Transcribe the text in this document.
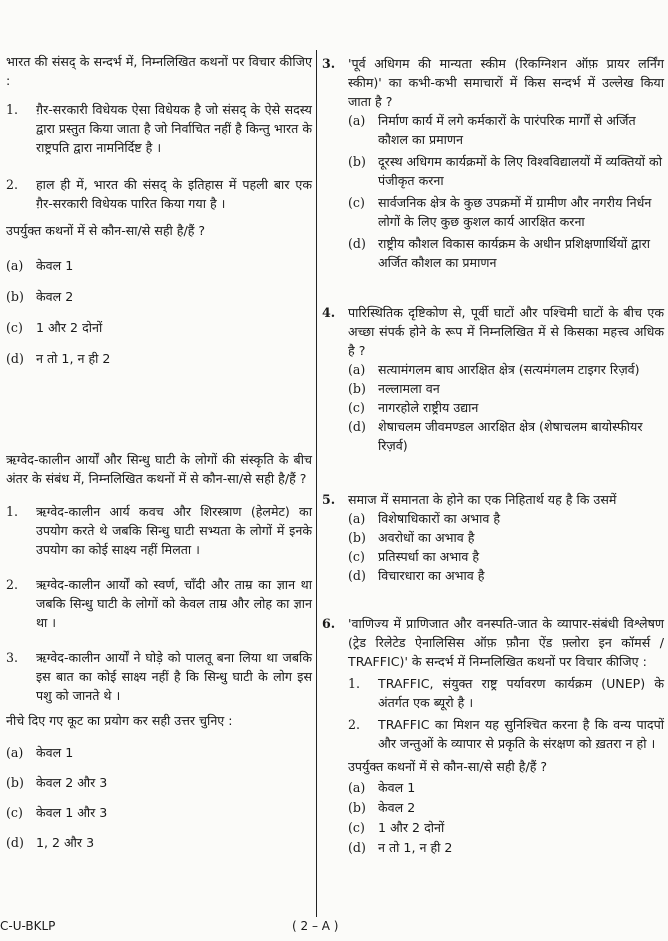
भारत की संसद् के सन्दर्भ में, निम्नलिखित कथनों पर विचार कीजिए :
1.	ग़ैर-सरकारी विधेयक ऐसा विधेयक है जो संसद् के ऐसे सदस्य द्वारा प्रस्तुत किया जाता है जो निर्वाचित नहीं है किन्तु भारत के राष्ट्रपति द्वारा नामनिर्दिष्ट है ।
2.	हाल ही में, भारत की संसद् के इतिहास में पहली बार एक ग़ैर-सरकारी विधेयक पारित किया गया है ।
उपर्युक्त कथनों में से कौन-सा/से सही है/हैं ?
(a)	केवल 1
(b) केवल 2
(c)	1 और 2 दोनों
(d) न तो 1, न ही 2
ऋग्वेद-कालीन आर्यों और सिन्धु घाटी के लोगों की संस्कृति के बीच अंतर के संबंध में, निम्नलिखित कथनों में से कौन-सा/से सही है/हैं ?
1.	ऋग्वेद-कालीन आर्य कवच और शिरस्त्राण (हेलमेट) का उपयोग करते थे जबकि सिन्धु घाटी सभ्यता के लोगों में इनके उपयोग का कोई साक्ष्य नहीं मिलता ।
2.	ऋग्वेद-कालीन आर्यों को स्वर्ण, चाँदी और ताम्र का ज्ञान था जबकि सिन्धु घाटी के लोगों को केवल ताम्र और लोह का ज्ञान था ।
3.	ऋग्वेद-कालीन आर्यों ने घोड़े को पालतू बना लिया था जबकि इस बात का कोई साक्ष्य नहीं है कि सिन्धु घाटी के लोग इस पशु को जानते थे ।
नीचे दिए गए कूट का प्रयोग कर सही उत्तर चुनिए :
(a)	केवल 1
(b) केवल 2 और 3
(c)	केवल 1 और 3
(d) 1, 2 और 3
3. 'पूर्व अधिगम की मान्यता स्कीम (रिकग्निशन ऑफ़ प्रायर लर्निंग स्कीम)' का कभी-कभी समाचारों में किस सन्दर्भ में उल्लेख किया जाता है ?
(a)	निर्माण कार्य में लगे कर्मकारों के पारंपरिक मार्गों से अर्जित कौशल का प्रमाणन
(b) दूरस्थ अधिगम कार्यक्रमों के लिए विश्वविद्यालयों में व्यक्तियों को पंजीकृत करना
(c)	सार्वजनिक क्षेत्र के कुछ उपक्रमों में ग्रामीण और नगरीय निर्धन लोगों के लिए कुछ कुशल कार्य आरक्षित करना
(d) राष्ट्रीय कौशल विकास कार्यक्रम के अधीन प्रशिक्षणार्थियों द्वारा अर्जित कौशल का प्रमाणन
4. पारिस्थितिक दृष्टिकोण से, पूर्वी घाटों और पश्चिमी घाटों के बीच एक अच्छा संपर्क होने के रूप में निम्नलिखित में से किसका महत्त्व अधिक है ?
(a)	सत्यामंगलम बाघ आरक्षित क्षेत्र (सत्यमंगलम टाइगर रिज़र्व)
(b) नल्लामला वन
(c)	नागरहोले राष्ट्रीय उद्यान
(d) शेषाचलम जीवमण्डल आरक्षित क्षेत्र (शेषाचलम बायोस्फीयर रिज़र्व)
5. समाज में समानता के होने का एक निहितार्थ यह है कि उसमें
(a)	विशेषाधिकारों का अभाव है
(b) अवरोधों का अभाव है
(c)	प्रतिस्पर्धा का अभाव है
(d) विचारधारा का अभाव है
6. 'वाणिज्य में प्राणिजात और वनस्पति-जात के व्यापार-संबंधी विश्लेषण (ट्रेड रिलेटेड ऐनालिसिस ऑफ़ फ़ौना ऐंड फ़्लोरा इन कॉमर्स / TRAFFIC)' के सन्दर्भ में निम्नलिखित कथनों पर विचार कीजिए :
1.	TRAFFIC, संयुक्त राष्ट्र पर्यावरण कार्यक्रम (UNEP) के अंतर्गत एक ब्यूरो है ।
2.	TRAFFIC का मिशन यह सुनिश्चित करना है कि वन्य पादपों और जन्तुओं के व्यापार से प्रकृति के संरक्षण को ख़तरा न हो ।
उपर्युक्त कथनों में से कौन-सा/से सही है/हैं ?
(a)	केवल 1
(b) केवल 2
(c)	1 और 2 दोनों
(d) न तो 1, न ही 2
C-U-BKLP	( 2 – A )
